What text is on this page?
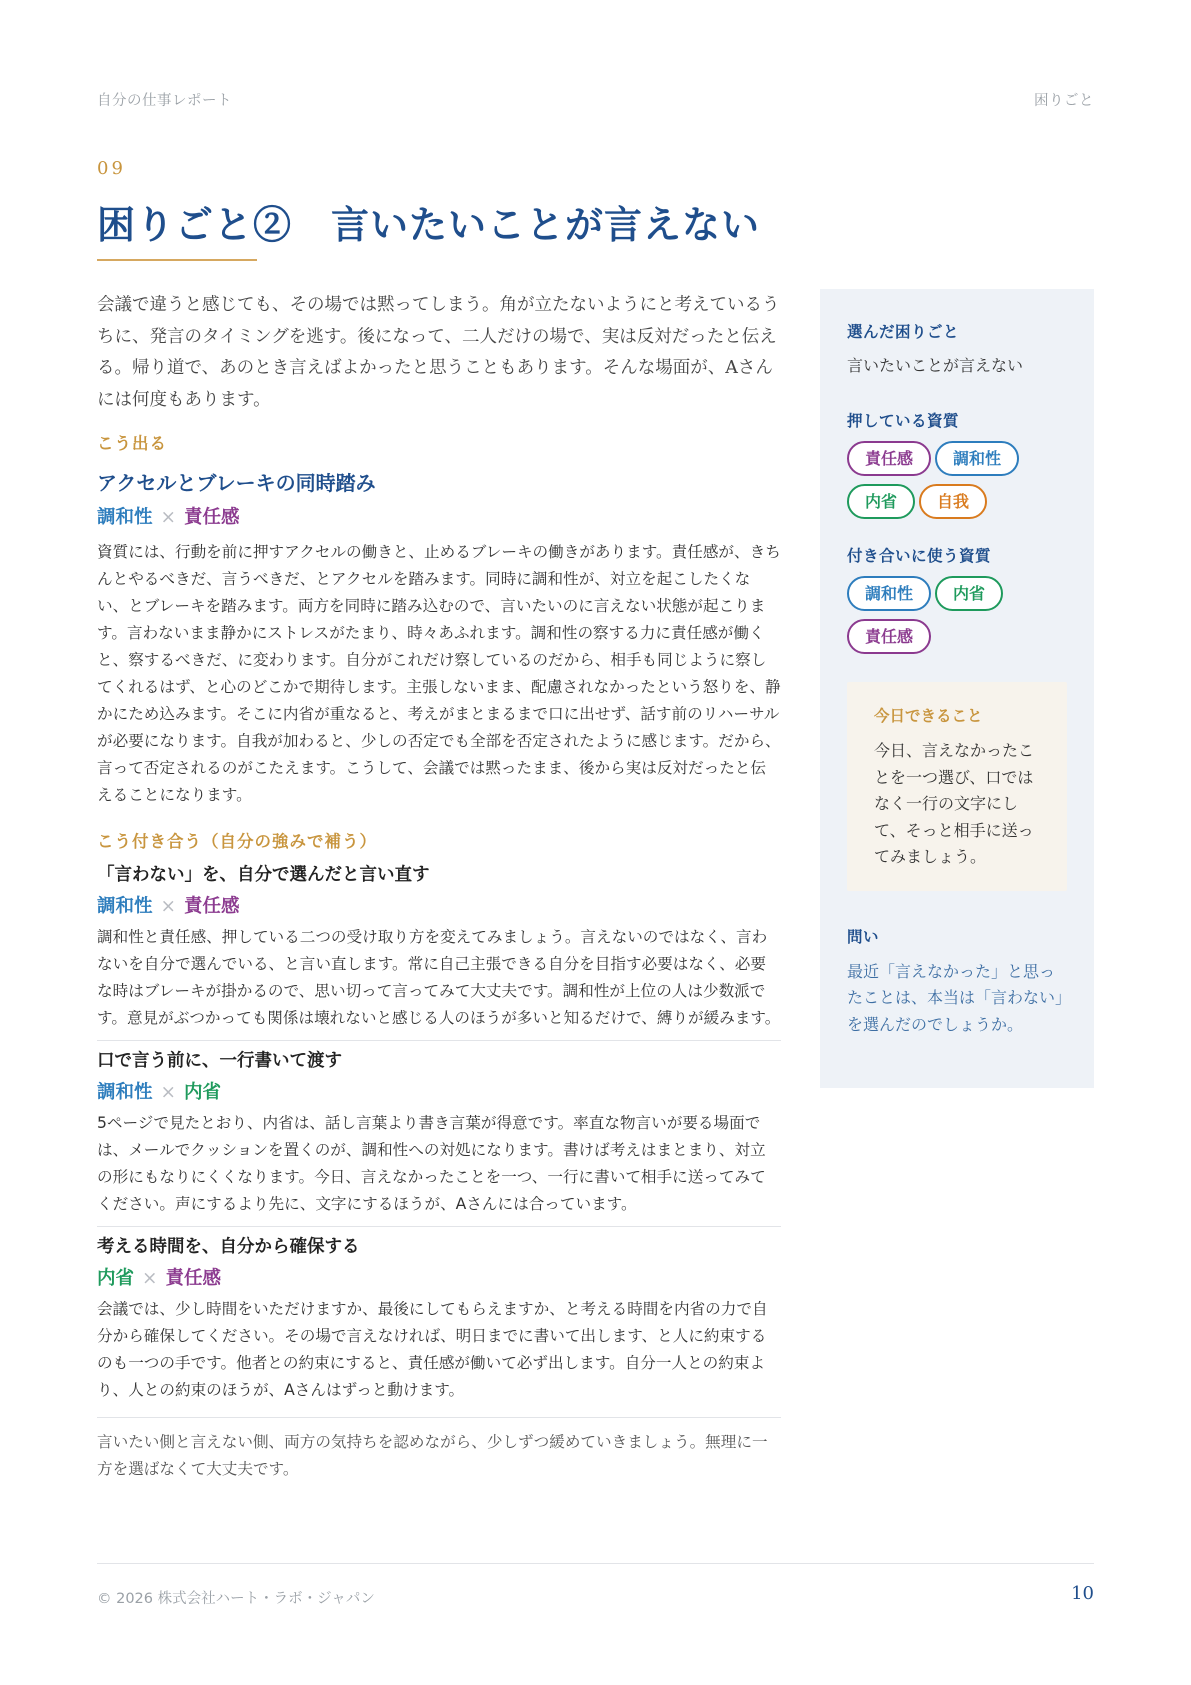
自分の仕事レポート	困りごと
09
困りごと②　言いたいことが言えない

会議で違うと感じても、その場では黙ってしまう。角が立たないようにと考えているうちに、発言のタイミングを逃す。後になって、二人だけの場で、実は反対だったと伝える。帰り道で、あのとき言えばよかったと思うこともあります。そんな場面が、Aさんには何度もあります。

こう出る
アクセルとブレーキの同時踏み
調和性 × 責任感

資質には、行動を前に押すアクセルの働きと、止めるブレーキの働きがあります。責任感が、きちんとやるべきだ、言うべきだ、とアクセルを踏みます。同時に調和性が、対立を起こしたくない、とブレーキを踏みます。両方を同時に踏み込むので、言いたいのに言えない状態が起こります。言わないまま静かにストレスがたまり、時々あふれます。調和性の察する力に責任感が働くと、察するべきだ、に変わります。自分がこれだけ察しているのだから、相手も同じように察してくれるはず、と心のどこかで期待します。主張しないまま、配慮されなかったという怒りを、静かにため込みます。そこに内省が重なると、考えがまとまるまで口に出せず、話す前のリハーサルが必要になります。自我が加わると、少しの否定でも全部を否定されたように感じます。だから、言って否定されるのがこたえます。こうして、会議では黙ったまま、後から実は反対だったと伝えることになります。

こう付き合う（自分の強みで補う）
「言わない」を、自分で選んだと言い直す
調和性 × 責任感

調和性と責任感、押している二つの受け取り方を変えてみましょう。言えないのではなく、言わないを自分で選んでいる、と言い直します。常に自己主張できる自分を目指す必要はなく、必要な時はブレーキが掛かるので、思い切って言ってみて大丈夫です。調和性が上位の人は少数派です。意見がぶつかっても関係は壊れないと感じる人のほうが多いと知るだけで、縛りが緩みます。

口で言う前に、一行書いて渡す
調和性 × 内省

5ページで見たとおり、内省は、話し言葉より書き言葉が得意です。率直な物言いが要る場面では、メールでクッションを置くのが、調和性への対処になります。書けば考えはまとまり、対立の形にもなりにくくなります。今日、言えなかったことを一つ、一行に書いて相手に送ってみてください。声にするより先に、文字にするほうが、Aさんには合っています。

考える時間を、自分から確保する
内省 × 責任感

会議では、少し時間をいただけますか、最後にしてもらえますか、と考える時間を内省の力で自分から確保してください。その場で言えなければ、明日までに書いて出します、と人に約束するのも一つの手です。他者との約束にすると、責任感が働いて必ず出します。自分一人との約束より、人との約束のほうが、Aさんはずっと動けます。

言いたい側と言えない側、両方の気持ちを認めながら、少しずつ緩めていきましょう。無理に一方を選ばなくて大丈夫です。

選んだ困りごと
言いたいことが言えない
押している資質
責任感	調和性
内省	自我
付き合いに使う資質
調和性	内省
責任感
今日できること

今日、言えなかったことを一つ選び、口ではなく一行の文字にして、そっと相手に送ってみましょう。

問い

最近「言えなかった」と思ったことは、本当は「言わない」を選んだのでしょうか。

© 2026 株式会社ハート・ラボ・ジャパン	10
